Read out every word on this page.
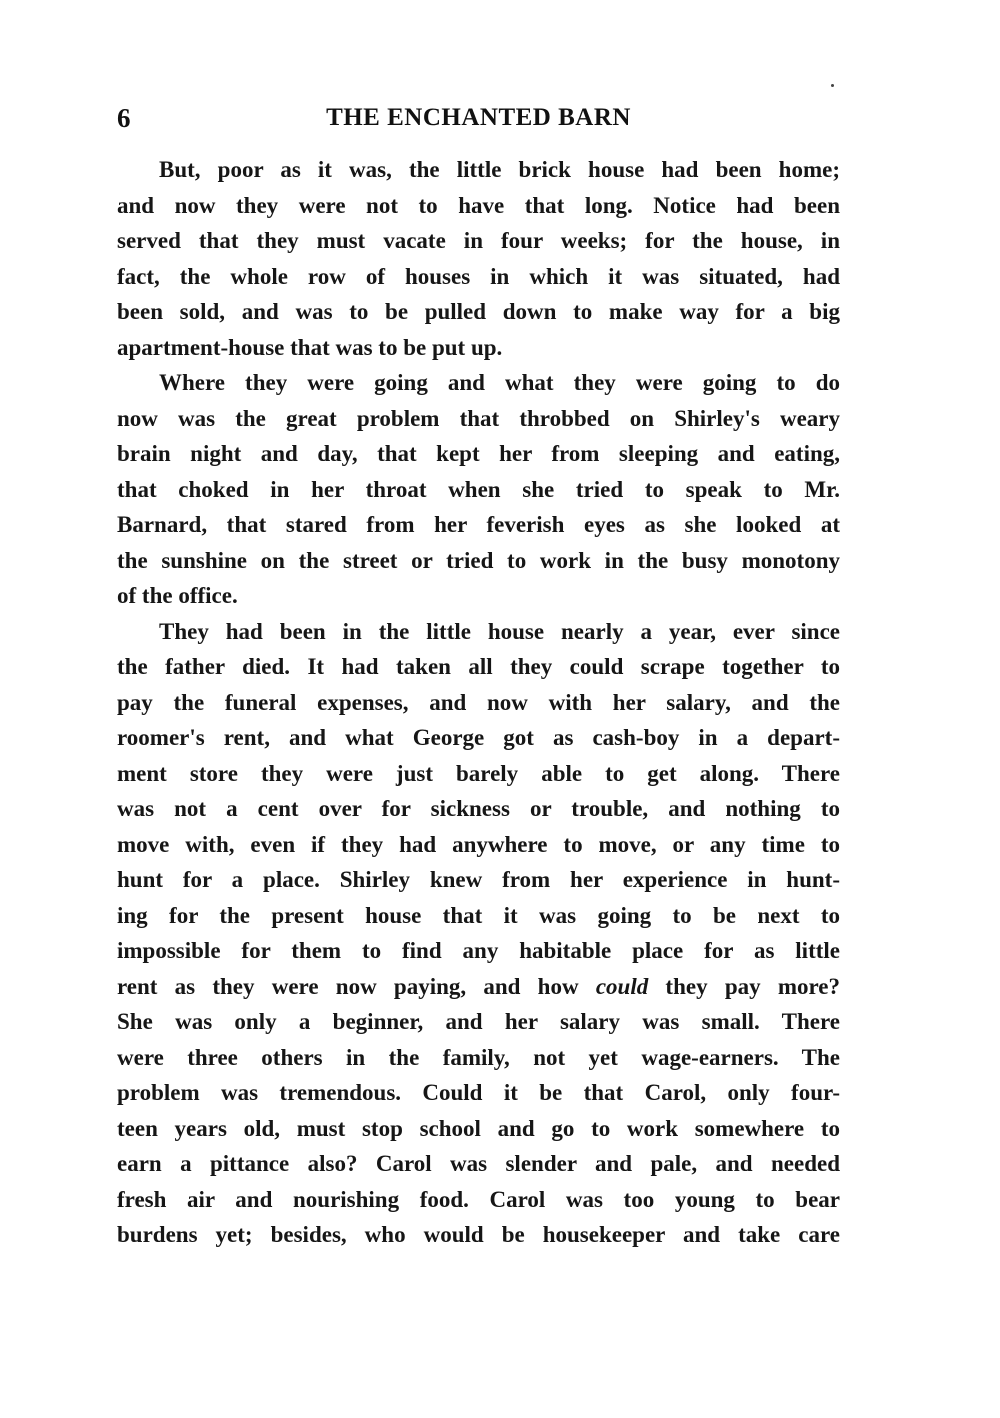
6	THE ENCHANTED BARN
But, poor as it was, the little brick house had been home;
and now they were not to have that long. Notice had been
served that they must vacate in four weeks; for the house, in
fact, the whole row of houses in which it was situated, had
been sold, and was to be pulled down to make way for a big
apartment-house that was to be put up.
Where they were going and what they were going to do
now was the great problem that throbbed on Shirley's weary
brain night and day, that kept her from sleeping and eating,
that choked in her throat when she tried to speak to Mr.
Barnard, that stared from her feverish eyes as she looked at
the sunshine on the street or tried to work in the busy monotony
of the office.
They had been in the little house nearly a year, ever since
the father died. It had taken all they could scrape together to
pay the funeral expenses, and now with her salary, and the
roomer's rent, and what George got as cash-boy in a depart-
ment store they were just barely able to get along. There
was not a cent over for sickness or trouble, and nothing to
move with, even if they had anywhere to move, or any time to
hunt for a place. Shirley knew from her experience in hunt-
ing for the present house that it was going to be next to
impossible for them to find any habitable place for as little
rent as they were now paying, and how could they pay more?
She was only a beginner, and her salary was small. There
were three others in the family, not yet wage-earners. The
problem was tremendous. Could it be that Carol, only four-
teen years old, must stop school and go to work somewhere to
earn a pittance also? Carol was slender and pale, and needed
fresh air and nourishing food. Carol was too young to bear
burdens yet; besides, who would be housekeeper and take care
